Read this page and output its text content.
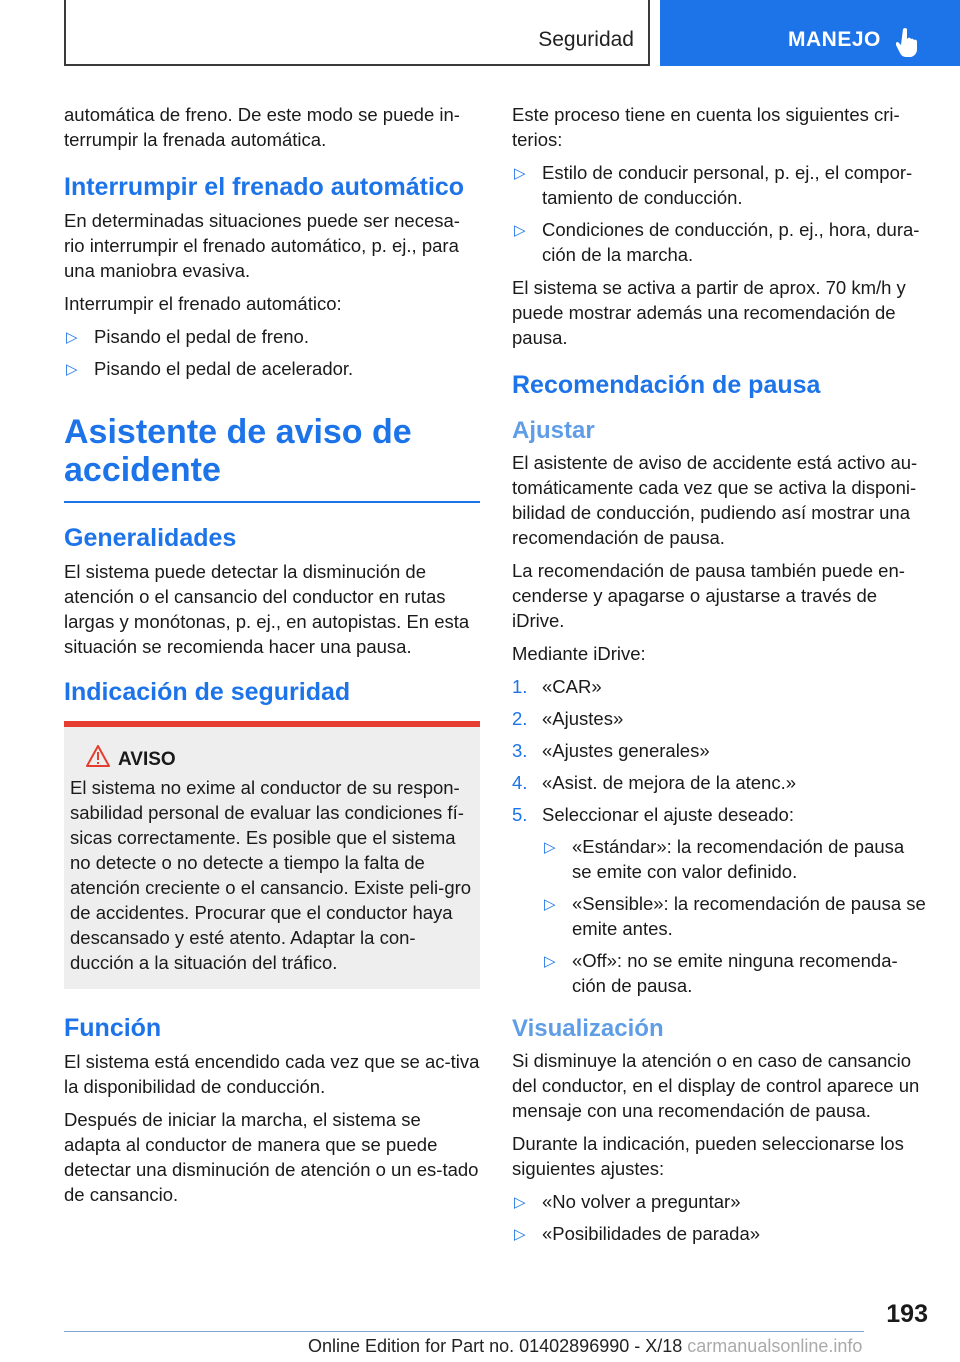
Seguridad	MANEJO

automática de freno. De este modo se puede in-terrumpir la frenada automática.

Interrumpir el frenado automático

En determinadas situaciones puede ser necesa-rio interrumpir el frenado automático, p. ej., para una maniobra evasiva.

Interrumpir el frenado automático:

▷ Pisando el pedal de freno.
▷ Pisando el pedal de acelerador.
Asistente de aviso de accidente
Generalidades

El sistema puede detectar la disminución de atención o el cansancio del conductor en rutas largas y monótonas, p. ej., en autopistas. En esta situación se recomienda hacer una pausa.

Indicación de seguridad
AVISO

El sistema no exime al conductor de su respon-sabilidad personal de evaluar las condiciones fí-sicas correctamente. Es posible que el sistema no detecte o no detecte a tiempo la falta de atención creciente o el cansancio. Existe peli-gro de accidentes. Procurar que el conductor haya descansado y esté atento. Adaptar la con-ducción a la situación del tráfico.

Función

El sistema está encendido cada vez que se ac-tiva la disponibilidad de conducción.

Después de iniciar la marcha, el sistema se adapta al conductor de manera que se puede detectar una disminución de atención o un es-tado de cansancio.

Este proceso tiene en cuenta los siguientes cri-terios:

▷ Estilo de conducir personal, p. ej., el compor-tamiento de conducción.
▷ Condiciones de conducción, p. ej., hora, dura-ción de la marcha.

El sistema se activa a partir de aprox. 70 km/h y puede mostrar además una recomendación de pausa.

Recomendación de pausa
Ajustar

El asistente de aviso de accidente está activo au-tomáticamente cada vez que se activa la disponi-bilidad de conducción, pudiendo así mostrar una recomendación de pausa.

La recomendación de pausa también puede en-cenderse y apagarse o ajustarse a través de iDrive.

Mediante iDrive:

1. «CAR»
2. «Ajustes»
3. «Ajustes generales»
4. «Asist. de mejora de la atenc.»
5. Seleccionar el ajuste deseado:
▷ «Estándar»: la recomendación de pausa se emite con valor definido.
▷ «Sensible»: la recomendación de pausa se emite antes.
▷ «Off»: no se emite ninguna recomenda-ción de pausa.
Visualización

Si disminuye la atención o en caso de cansancio del conductor, en el display de control aparece un mensaje con una recomendación de pausa.

Durante la indicación, pueden seleccionarse los siguientes ajustes:

▷ «No volver a preguntar»
▷ «Posibilidades de parada»
193
Online Edition for Part no. 01402896990 - X/18 carmanualsonline.info
